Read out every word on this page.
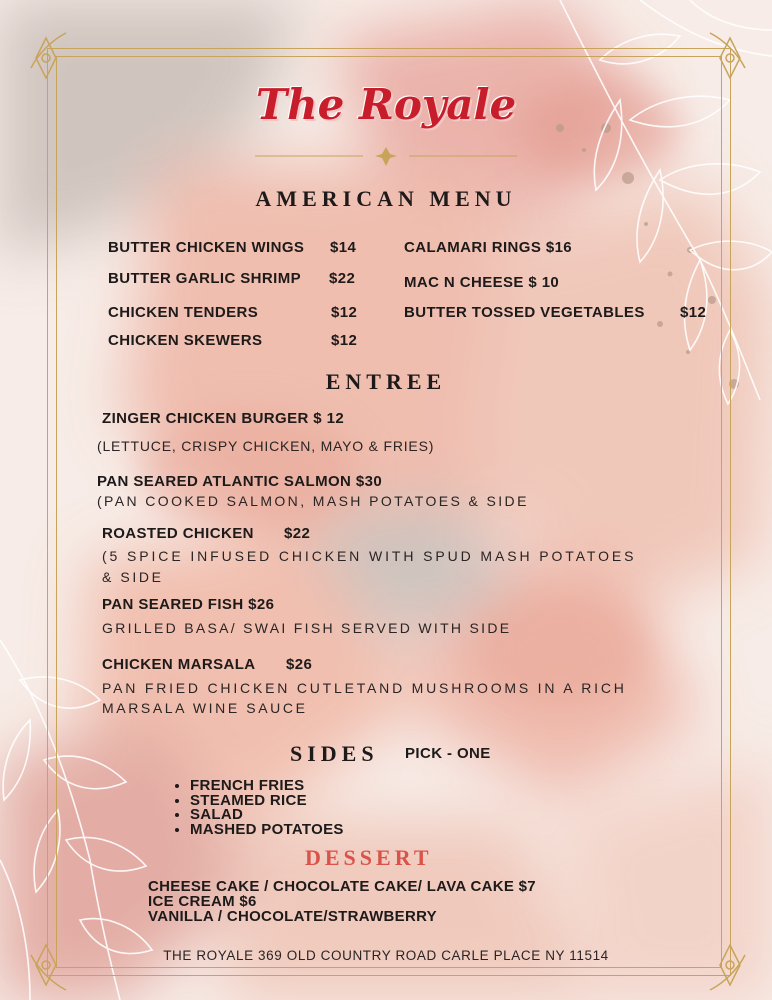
The Royale
AMERICAN MENU
BUTTER CHICKEN WINGS $14
BUTTER GARLIC SHRIMP $22
CHICKEN TENDERS	$12
CHICKEN SKEWERS	$12
CALAMARI RINGS $16
MAC N CHEESE $ 10
BUTTER TOSSED VEGETABLES $12
ENTREE
ZINGER CHICKEN BURGER $ 12
(LETTUCE, CRISPY CHICKEN, MAYO & FRIES)
PAN SEARED ATLANTIC SALMON $30
(PAN COOKED SALMON, MASH POTATOES & SIDE
ROASTED CHICKEN $22
(5 SPICE INFUSED CHICKEN WITH SPUD MASH POTATOES
& SIDE
PAN SEARED FISH $26
GRILLED BASA/ SWAI FISH SERVED WITH SIDE
CHICKEN MARSALA $26
PAN FRIED CHICKEN CUTLETAND MUSHROOMS IN A RICH
MARSALA WINE SAUCE
SIDES PICK - ONE
• FRENCH FRIES
• STEAMED RICE
• SALAD
• MASHED POTATOES
DESSERT
CHEESE CAKE / CHOCOLATE CAKE/ LAVA CAKE $7
ICE CREAM $6
VANILLA / CHOCOLATE/STRAWBERRY
THE ROYALE 369 OLD COUNTRY ROAD CARLE PLACE NY 11514
